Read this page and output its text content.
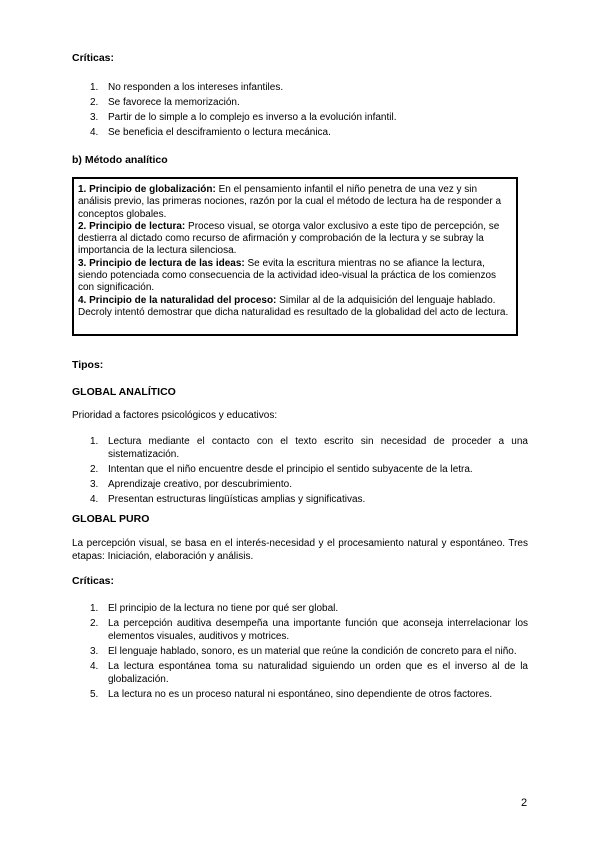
Críticas:
1. No responden a los intereses infantiles.
2. Se favorece la memorización.
3. Partir de lo simple a lo complejo es inverso a la evolución infantil.
4. Se beneficia el desciframiento o lectura mecánica.
b) Método analítico

1. Principio de globalización: En el pensamiento infantil el niño penetra de una vez y sin análisis previo, las primeras nociones, razón por la cual el método de lectura ha de responder a conceptos globales.

2. Principio de lectura: Proceso visual, se otorga valor exclusivo a este tipo de percepción, se destierra al dictado como recurso de afirmación y comprobación de la lectura y se subray la importancia de la lectura silenciosa.

3. Principio de lectura de las ideas: Se evita la escritura mientras no se afiance la lectura, siendo potenciada como consecuencia de la actividad ideo-visual la práctica de los comienzos con significación.

4. Principio de la naturalidad del proceso: Similar al de la adquisición del lenguaje hablado. Decroly intentó demostrar que dicha naturalidad es resultado de la globalidad del acto de lectura.

Tipos:
GLOBAL ANALÍTICO
Prioridad a factores psicológicos y educativos:
1. Lectura mediante el contacto con el texto escrito sin necesidad de proceder a una sistematización.
2. Intentan que el niño encuentre desde el principio el sentido subyacente de la letra.
3. Aprendizaje creativo, por descubrimiento.
4. Presentan estructuras lingüísticas amplias y significativas.
GLOBAL PURO
La percepción visual, se basa en el interés-necesidad y el procesamiento natural y espontáneo. Tres etapas: Iniciación, elaboración y análisis.
Críticas:
1. El principio de la lectura no tiene por qué ser global.
2. La percepción auditiva desempeña una importante función que aconseja interrelacionar los elementos visuales, auditivos y motrices.
3. El lenguaje hablado, sonoro, es un material que reúne la condición de concreto para el niño.
4. La lectura espontánea toma su naturalidad siguiendo un orden que es el inverso al de la globalización.
5. La lectura no es un proceso natural ni espontáneo, sino dependiente de otros factores.
2
